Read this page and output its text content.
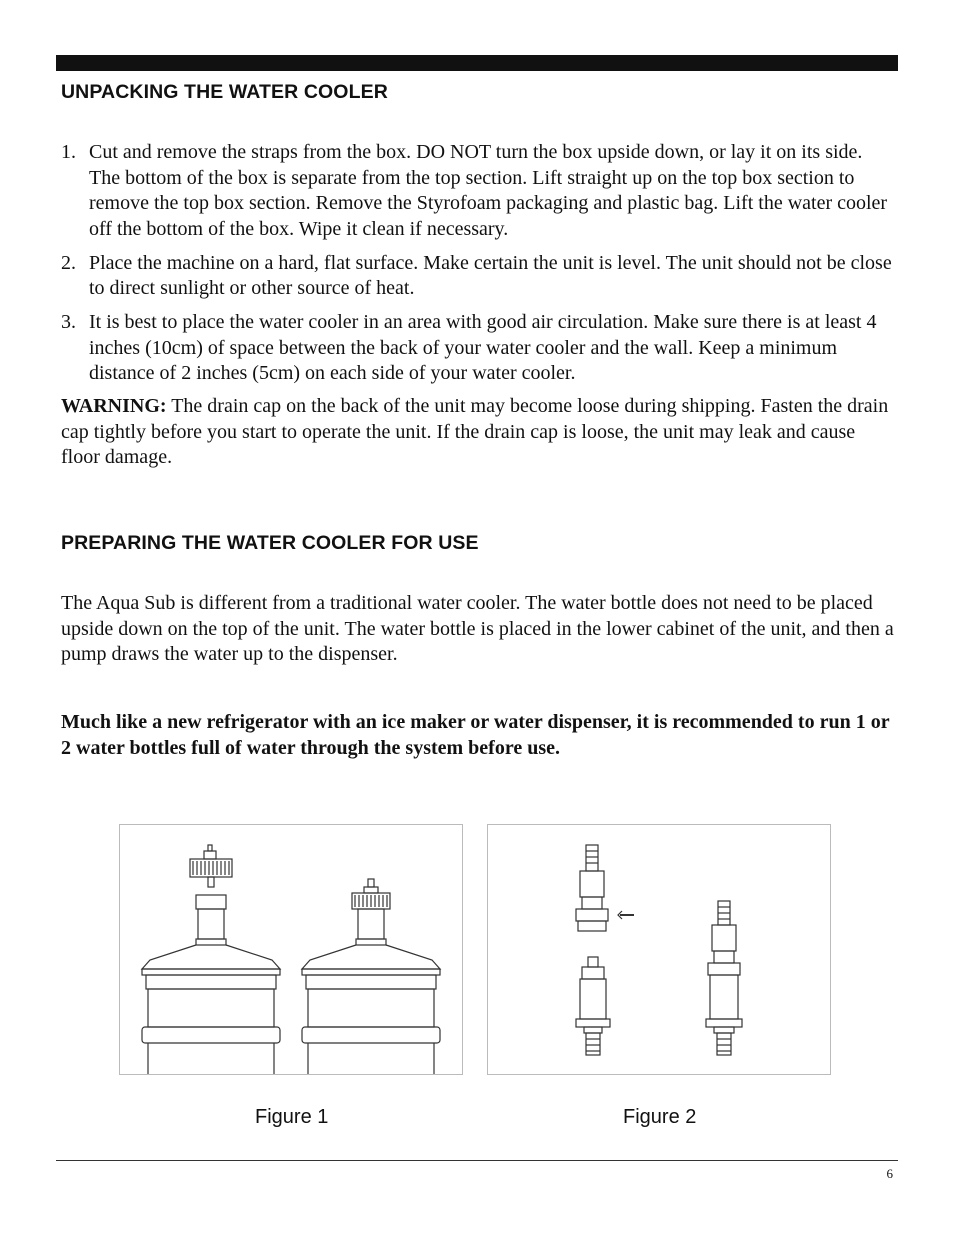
UNPACKING THE WATER COOLER
1. Cut and remove the straps from the box. DO NOT turn the box upside down, or lay it on its side. The bottom of the box is separate from the top section. Lift straight up on the top box section to remove the top box section. Remove the Styrofoam packaging and plastic bag. Lift the water cooler off the bottom of the box. Wipe it clean if necessary.
2. Place the machine on a hard, flat surface. Make certain the unit is level. The unit should not be close to direct sunlight or other source of heat.
3. It is best to place the water cooler in an area with good air circulation. Make sure there is at least 4 inches (10cm) of space between the back of your water cooler and the wall. Keep a minimum distance of 2 inches (5cm) on each side of your water cooler.

WARNING: The drain cap on the back of the unit may become loose during shipping. Fasten the drain cap tightly before you start to operate the unit. If the drain cap is loose, the unit may leak and cause floor damage.

PREPARING THE WATER COOLER FOR USE

The Aqua Sub is different from a traditional water cooler. The water bottle does not need to be placed upside down on the top of the unit. The water bottle is placed in the lower cabinet of the unit, and then a pump draws the water up to the dispenser.

Much like a new refrigerator with an ice maker or water dispenser, it is recommended to run 1 or 2 water bottles full of water through the system before use.

Figure 1	Figure 2
6
